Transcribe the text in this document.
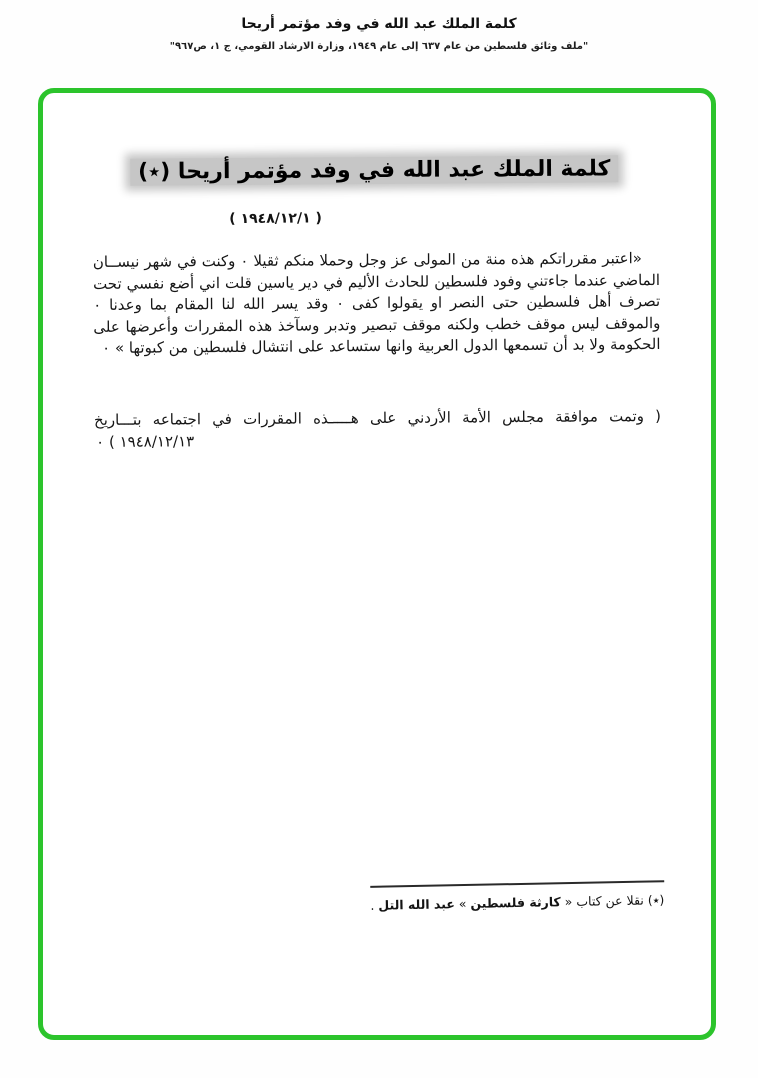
كلمة الملك عبد الله في وفد مؤتمر أريحا
"ملف وثائق فلسطين من عام ٦٣٧ إلى عام ١٩٤٩، وزارة الارشاد القومي، ج ١، ص٩٦٧"
كلمة الملك عبد الله في وفد مؤتمر أريحا (٭)
( ١٩٤٨/١٢/١ )
«اعتبر مقرراتكم هذه منة من المولى عز وجل وحملا منكم ثقيلا ٠ وكنت في شهر نيســان الماضي عندما جاءتني وفود فلسطين للحادث الأليم في دير ياسين قلت اني أضع نفسي تحت تصرف أهل فلسطين حتى النصر او يقولوا كفى ٠ وقد يسر الله لنا المقام بما وعدنا ٠ والموقف ليس موقف خطب ولكنه موقف تبصير وتدبر وسآخذ هذه المقررات وأعرضها على الحكومة ولا بد أن تسمعها الدول العربية وانها ستساعد على انتشال فلسطين من كبوتها » ٠
( وتمت موافقة مجلس الأمة الأردني على هـــــذه المقررات في اجتماعه بتـــاريخ
١٩٤٨/١٢/١٣ ) ٠
(٭) نقلا عن كتاب « كارثة فلسطين » عبد الله التل .
